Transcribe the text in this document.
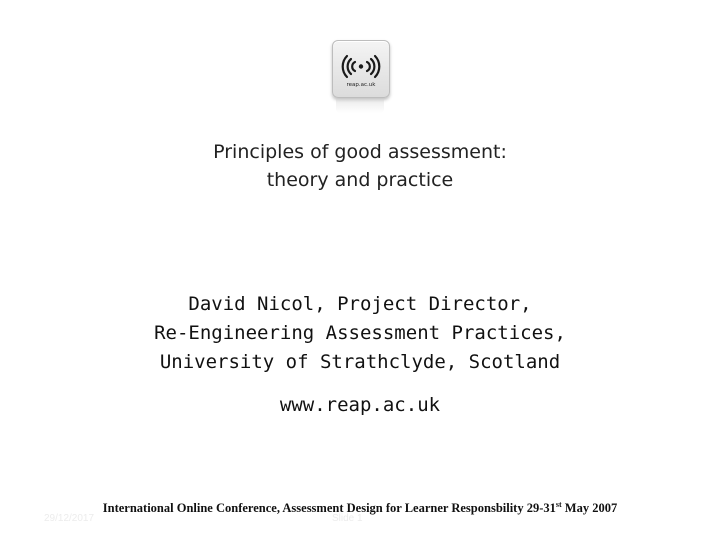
reap.ac.uk
Principles of good assessment:
theory and practice
David Nicol, Project Director,
Re-Engineering Assessment Practices,
University of Strathclyde, Scotland
www.reap.ac.uk
29/12/2017	Slide 1
International Online Conference, Assessment Design for Learner Responsbility 29-31st May 2007
